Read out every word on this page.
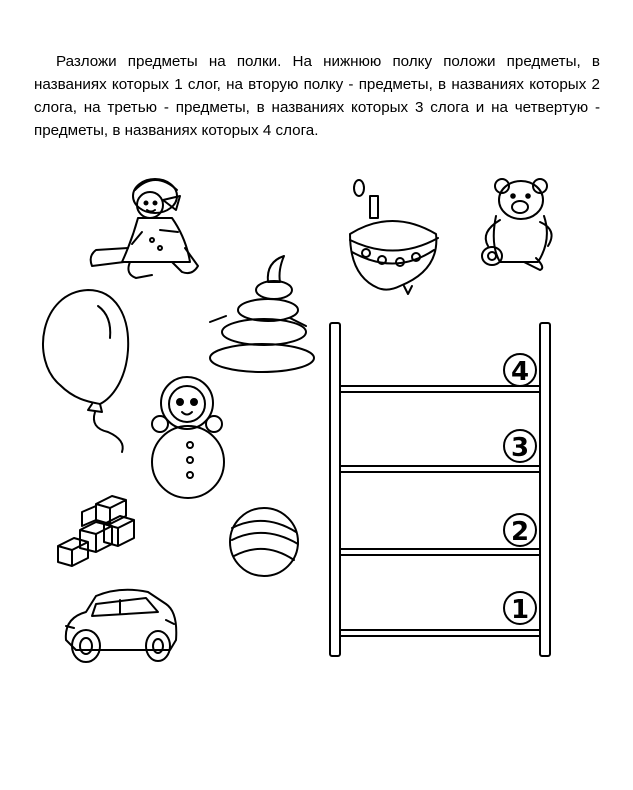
Разложи предметы на полки. На нижнюю полку положи предметы, в названиях которых 1 слог, на вторую полку - предметы, в названиях которых 2 слога, на третью - предметы, в названиях которых 3 слога и на четвертую - предметы, в названиях которых 4 слога.

4
3
2
1
